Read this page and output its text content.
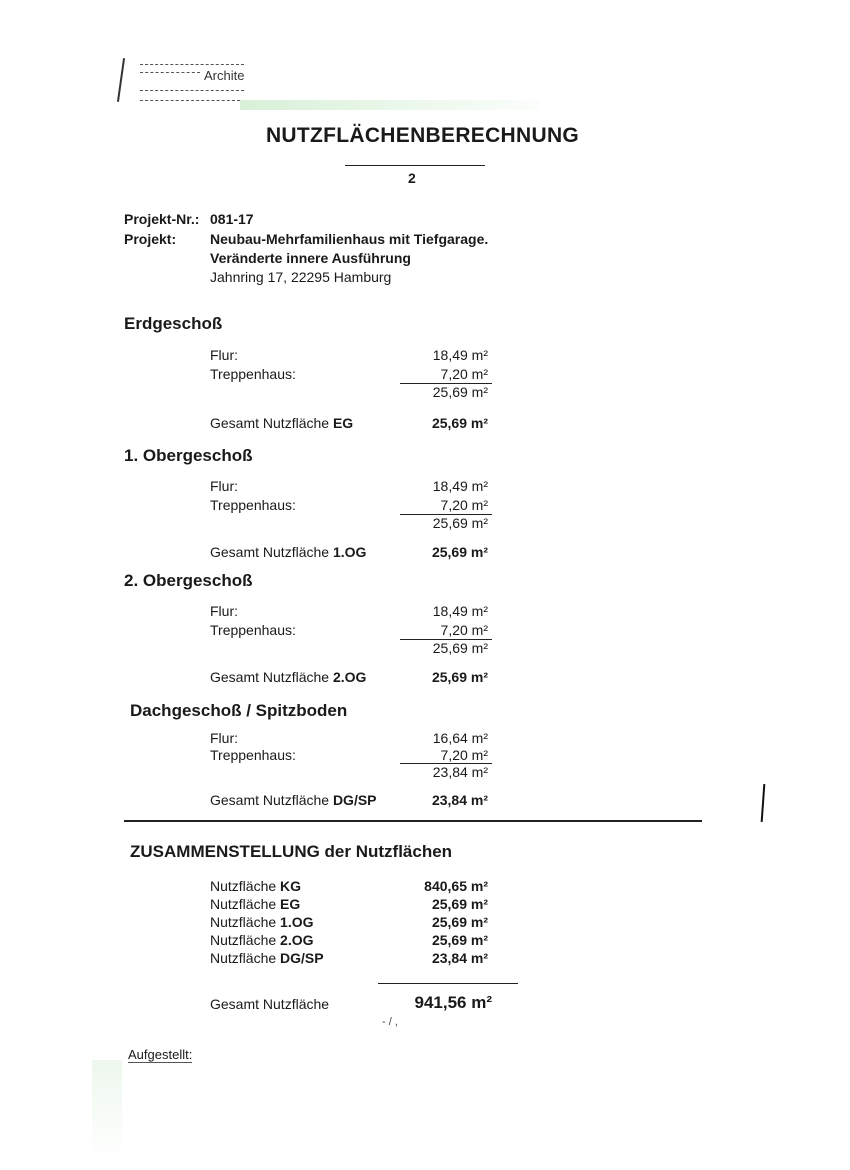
Archite
NUTZFLÄCHENBERECHNUNG
2
Projekt-Nr.: 081-17
Projekt: Neubau-Mehrfamilienhaus mit Tiefgarage.
Veränderte innere Ausführung
Jahnring 17, 22295 Hamburg
Erdgeschoß
Flur:	18,49 m²
Treppenhaus:	7,20 m²
25,69 m²
Gesamt Nutzfläche EG	25,69 m²
1. Obergeschoß
Flur:	18,49 m²
Treppenhaus:	7,20 m²
25,69 m²
Gesamt Nutzfläche 1.OG	25,69 m²
2. Obergeschoß
Flur:	18,49 m²
Treppenhaus:	7,20 m²
25,69 m²
Gesamt Nutzfläche 2.OG	25,69 m²
Dachgeschoß / Spitzboden
Flur:	16,64 m²
Treppenhaus:	7,20 m²
23,84 m²
Gesamt Nutzfläche DG/SP	23,84 m²
ZUSAMMENSTELLUNG der Nutzflächen
Nutzfläche KG	840,65 m²
Nutzfläche EG	25,69 m²
Nutzfläche 1.OG	25,69 m²
Nutzfläche 2.OG	25,69 m²
Nutzfläche DG/SP	23,84 m²
Gesamt Nutzfläche	941,56 m²
- / ,
Aufgestellt:
